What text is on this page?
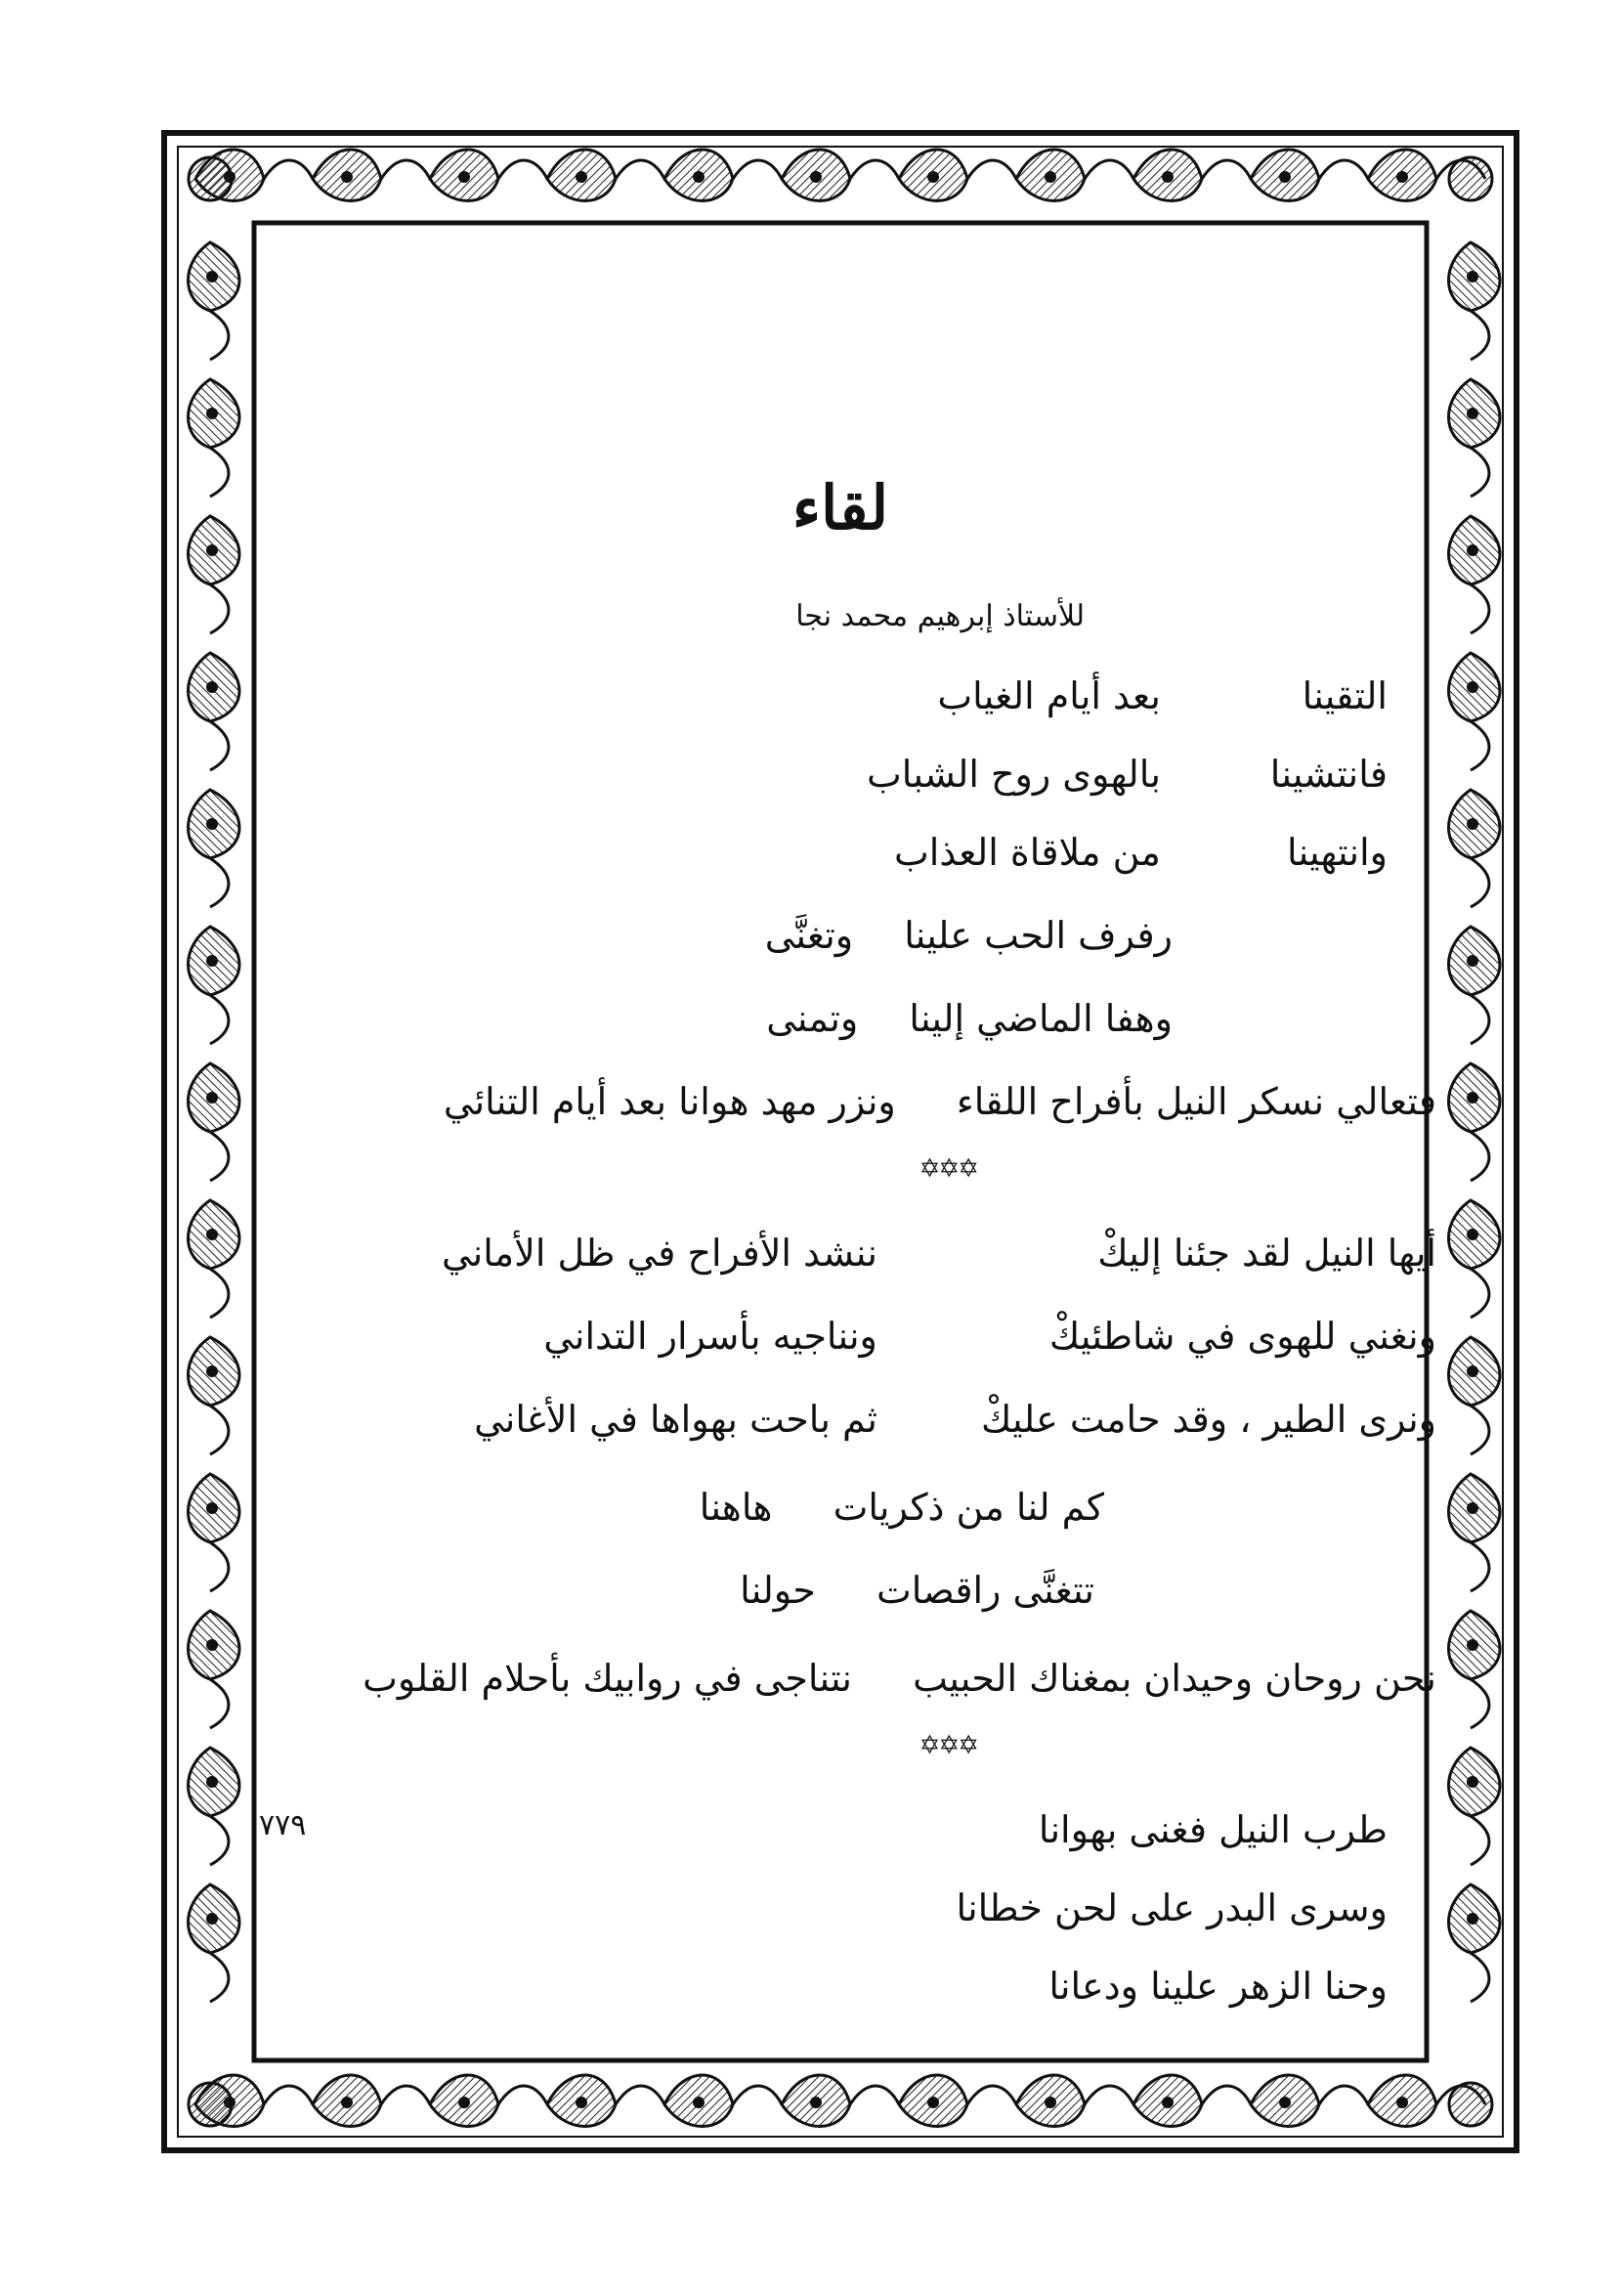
لقاء
للأستاذ إبرهيم محمد نجا
التقينا بعد أيام الغياب
فانتشينا بالهوى روح الشباب
وانتهينا من ملاقاة العذاب
رفرف الحب علينا وتغنَّى
وهفا الماضي إلينا وتمنى
فتعالي نسكر النيل بأفراح اللقاء ونزر مهد هوانا بعد أيام التنائي
✡✡✡
أيها النيل لقد جئنا إليكْ ننشد الأفراح في ظل الأماني
ونغني للهوى في شاطئيكْ ونناجيه بأسرار التداني
ونرى الطير ، وقد حامت عليكْ ثم باحت بهواها في الأغاني
كم لنا من ذكريات هاهنا
تتغنَّى راقصات حولنا
نحن روحان وحيدان بمغناك الحبيب نتناجى في روابيك بأحلام القلوب
✡✡✡
طرب النيل فغنى بهوانا
وسرى البدر على لحن خطانا
وحنا الزهر علينا ودعانا
٧٧٩
